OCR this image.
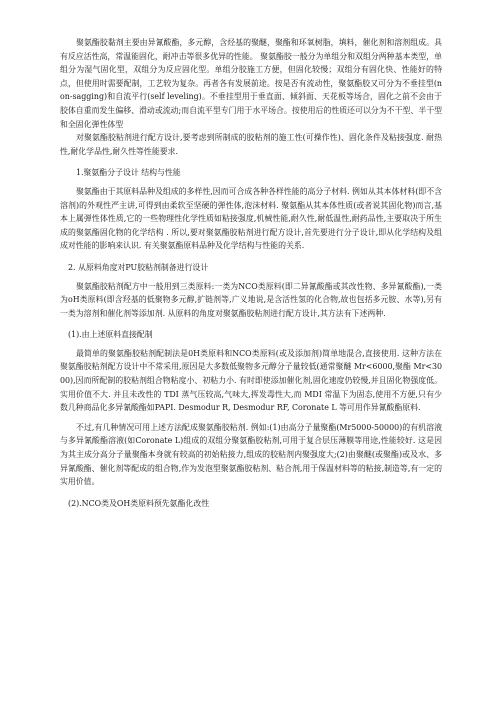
聚氨酯胶黏剂主要由异氰酸酯，多元醇，含烃基的聚醚，聚酯和环氧树脂，填料，催化剂和溶剂组成。具有反应活性高，常温能固化，耐冲击等很多优异的性能。 聚氨酯胶一般分为单组分和双组分两种基本类型，单组分为湿气固化型，双组分为反应固化型。单组分胶施工方便，但固化较慢；双组分有固化快、性能好的特点，但使用时需要配制，工艺较为复杂。再者各有发展前途。按是否有流动性，聚氨酯胶又可分为不垂挂型(non-sagging)和自流平行(self leveling)。不垂挂型用于垂直面、倾斜面、天花板等场合，固化之前不会由于胶体自重而发生偏移、滑动或流动;而自流平型专门用于水平场合。按使用后的性质还可以分为不干型、半干型和全固化弹性体型

对聚氨酯胶粘剂进行配方设计,要考虑到所制成的胶粘剂的施工性(可操作性)、固化条件及粘接强度. 耐热性,耐化学品性,耐久性等性能要求.

1.聚氨酯分子设计 结构与性能

聚氨酯由于其原料品种及组成的多样性,因而可合成各种各样性能的高分子材料. 例如从其本体材料(即不含溶剂)的外观性严主讲,可得到由柔软至坚硬的弹性体,泡沫材料. 聚氨酯从其本体性质(或者说其固化物)而言,基本上属弹性体性质,它的一些物理性化学性质如粘接强度,机械性能,耐久性,耐低温性,耐药品性,主要取决于所生成的聚氨酯固化物的化学结构 . 所以,要对聚氨酯胶粘剂进行配方设计,首先要进行分子设计,即从化学结构及组成对性能的影响来认识. 有关聚氨酯原料品种及化学结构与性能的关系.

2. 从原料角度对PU胶粘剂制备进行设计

聚氨酯胶粘剂配方中一般用到三类原料:一类为NCO类原料(即二异氰酸酯或其改性物、多异氰酸酯),一类为oH类原料(即含羟基的低聚物多元醇,扩链剂等,广义地说,是含活性氢的化合物,故也包括多元胺、水等),另有一类为溶剂和催化剂等添加剂. 从原料的角度对聚氨酯胶粘剂进行配方设计,其方法有下述两种.

(1).由上述原料直接配制

最简单的聚氨酯胶粘剂配制法是0H类原料和NCO类原料(或及添加剂)简单地混合,直接使用. 这种方法在聚氨酯胶粘剂配方设计中不常采用,原因是大多数低聚物多元醇分子量较低(通常聚醚 Mr<6000,聚酯 Mr<3000),因而所配制的胶粘剂组合物粘度小、初粘力小. 有时即使添加催化剂,固化速度仍较慢,并且固化物强度低。实用价值不大. 并且未改性的 TDI 蒸气压较高,气味大,挥发毒性大,而 MDI 常温下为固态,使用不方便,只有少数几种商品化多异氰酸酯如PAPI. Desmodur R, Desmodur RF, Coronate L 等可用作异氰酸酯原料.

不过,有几种情况可用上述方法配成聚氨酯胶粘剂. 例如:(1)由高分子量聚酯(Mr5000-50000)的有机溶液与多异氰酸酯溶液(如Coronate L)组成的双组分聚氨酯胶粘剂,可用于复合层压薄膜等用途,性能较好. 这是因为其主成分高分子量聚酯本身就有较高的初始粘接力,组成的胶粘剂内聚强度大;(2)由聚醚(或聚酯)或及水、多异氰酸酯、催化剂等配成的组合物,作为发泡型聚氨酯胶粘剂、粘合剂,用于保温材料等的粘接,制造等,有一定的实用价值。

(2).NCO类及OH类原料预先氨酯化改性
